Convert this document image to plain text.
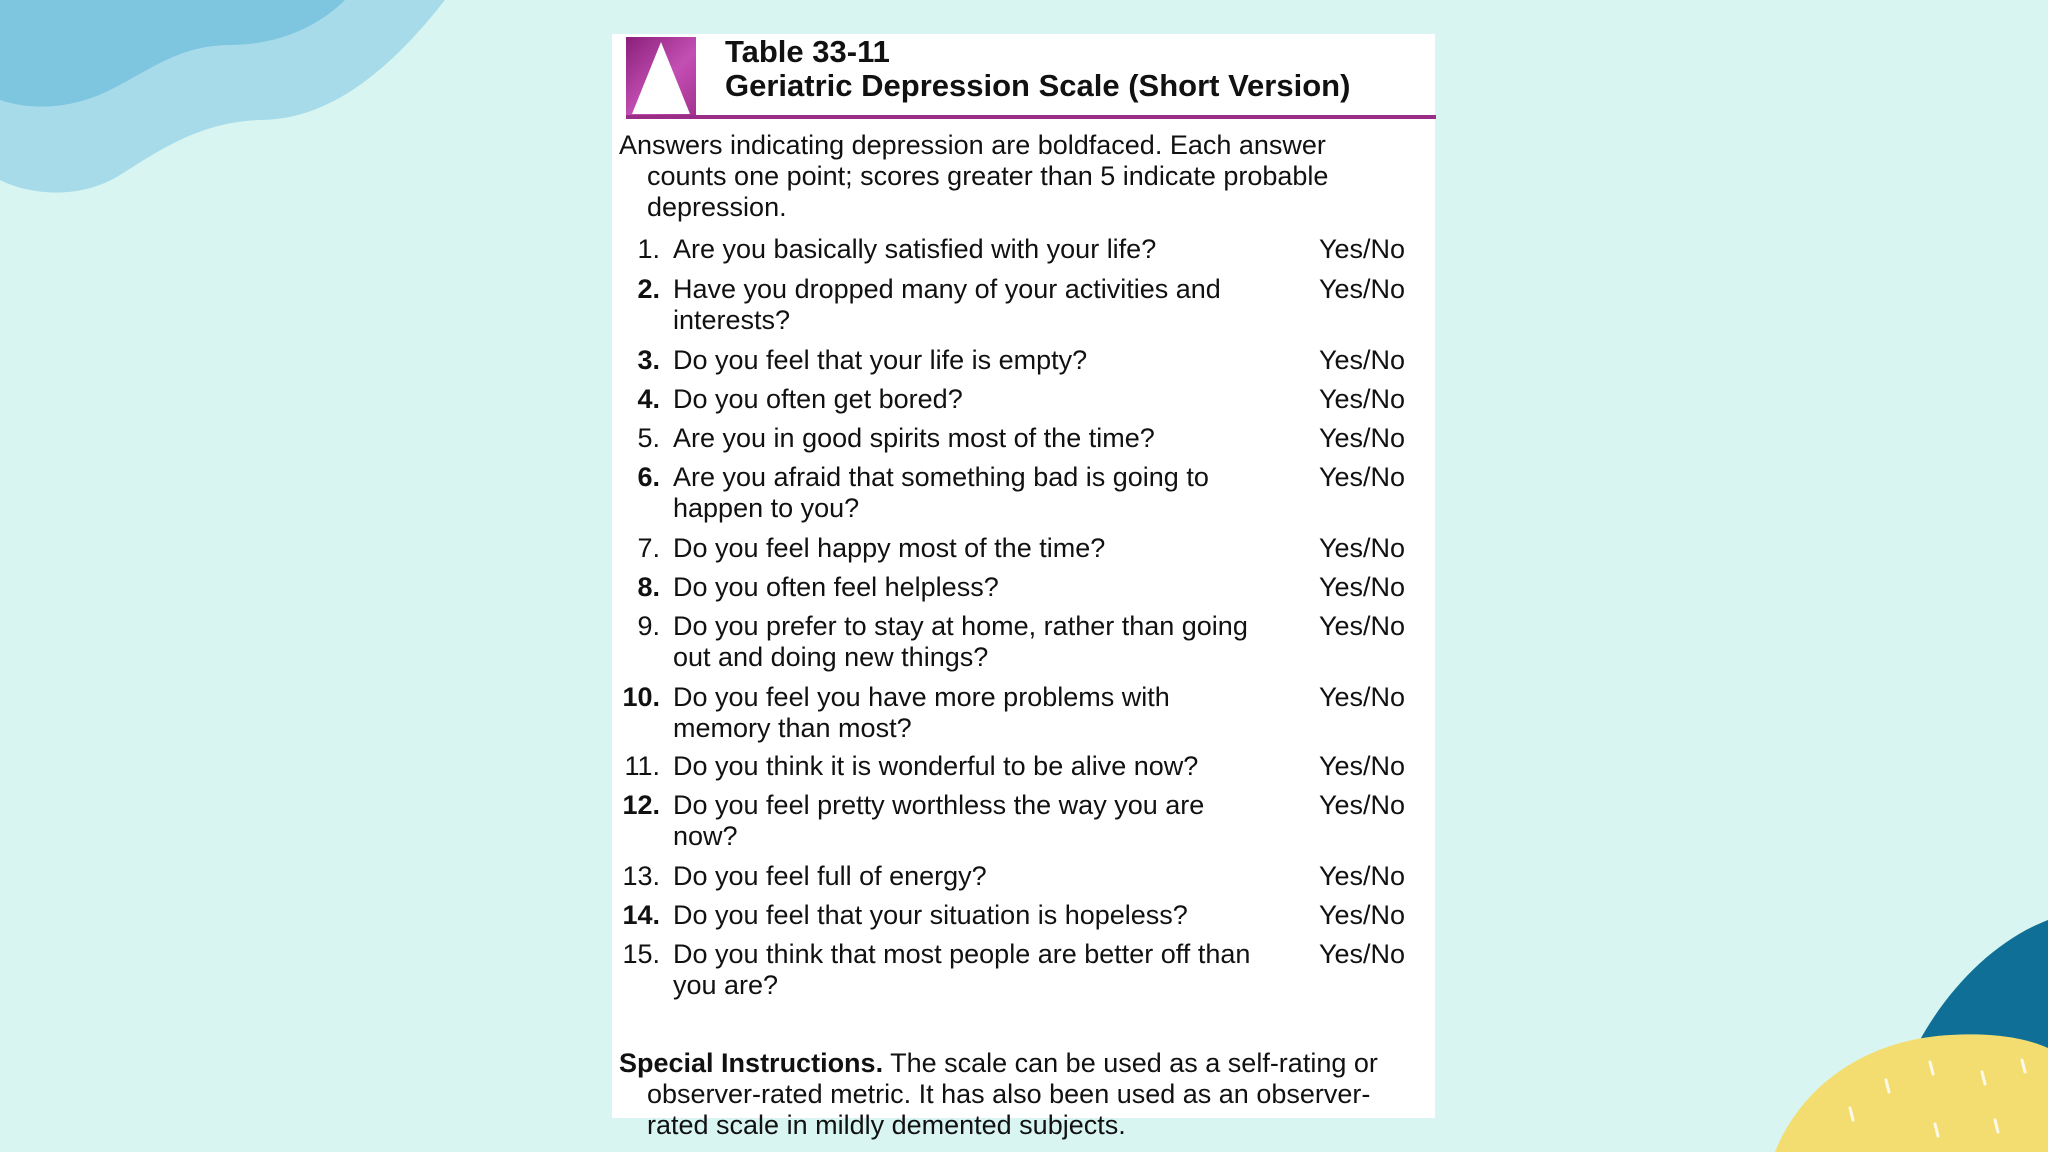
Table 33-11
Geriatric Depression Scale (Short Version)
Answers indicating depression are boldfaced. Each answer counts one point; scores greater than 5 indicate probable depression.
1. Are you basically satisfied with your life?	Yes/No
2. Have you dropped many of your activities and interests?
Yes/No
3. Do you feel that your life is empty?	Yes/No
4. Do you often get bored?	Yes/No
5. Are you in good spirits most of the time?	Yes/No
6. Are you afraid that something bad is going to happen to you?
Yes/No
7. Do you feel happy most of the time?	Yes/No
8. Do you often feel helpless?	Yes/No
9. Do you prefer to stay at home, rather than going out and doing new things?
Yes/No
10. Do you feel you have more problems with memory than most?
Yes/No
11. Do you think it is wonderful to be alive now?	Yes/No
12. Do you feel pretty worthless the way you are now?
Yes/No
13. Do you feel full of energy?	Yes/No
14. Do you feel that your situation is hopeless?	Yes/No
15. Do you think that most people are better off than you are?
Yes/No
Special Instructions. The scale can be used as a self-rating or observer-rated metric. It has also been used as an observer-rated scale in mildly demented subjects.
